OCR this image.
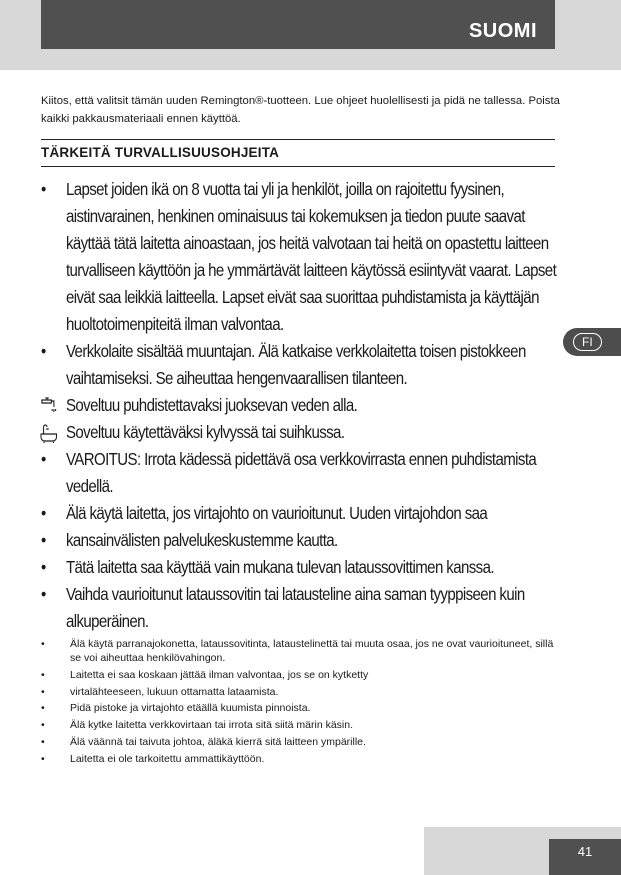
SUOMI

Kiitos, että valitsit tämän uuden Remington®-tuotteen. Lue ohjeet huolellisesti ja pidä ne tallessa. Poista kaikki pakkausmateriaali ennen käyttöä.

TÄRKEITÄ TURVALLISUUSOHJEITA
•	Lapset joiden ikä on 8 vuotta tai yli ja henkilöt, joilla on rajoitettu fyysinen, aistinvarainen, henkinen ominaisuus tai kokemuksen ja tiedon puute saavat käyttää tätä laitetta ainoastaan, jos heitä valvotaan tai heitä on opastettu laitteen turvalliseen käyttöön ja he ymmärtävät laitteen käytössä esiintyvät vaarat. Lapset eivät saa leikkiä laitteella. Lapset eivät saa suorittaa puhdistamista ja käyttäjän huoltotoimenpiteitä ilman valvontaa.
•	Verkkolaite sisältää muuntajan. Älä katkaise verkkolaitetta toisen pistokkeen vaihtamiseksi. Se aiheuttaa hengenvaarallisen tilanteen.
Soveltuu puhdistettavaksi juoksevan veden alla.
Soveltuu käytettäväksi kylvyssä tai suihkussa.
•	VAROITUS: Irrota kädessä pidettävä osa verkkovirrasta ennen puhdistamista vedellä.
•	Älä käytä laitetta, jos virtajohto on vaurioitunut. Uuden virtajohdon saa
•	kansainvälisten palvelukeskustemme kautta.
•	Tätä laitetta saa käyttää vain mukana tulevan lataussovittimen kanssa.
•	Vaihda vaurioitunut lataussovitin tai latausteline aina saman tyyppiseen kuin alkuperäinen.
• Älä käytä parranajokonetta, lataussovitinta, lataustelinettä tai muuta osaa, jos ne ovat vaurioituneet, sillä se voi aiheuttaa henkilövahingon.
• Laitetta ei saa koskaan jättää ilman valvontaa, jos se on kytketty
• virtalähteeseen, lukuun ottamatta lataamista.
• Pidä pistoke ja virtajohto etäällä kuumista pinnoista.
• Älä kytke laitetta verkkovirtaan tai irrota sitä siitä märin käsin.
• Älä väännä tai taivuta johtoa, äläkä kierrä sitä laitteen ympärille.
• Laitetta ei ole tarkoitettu ammattikäyttöön.
FI
41
